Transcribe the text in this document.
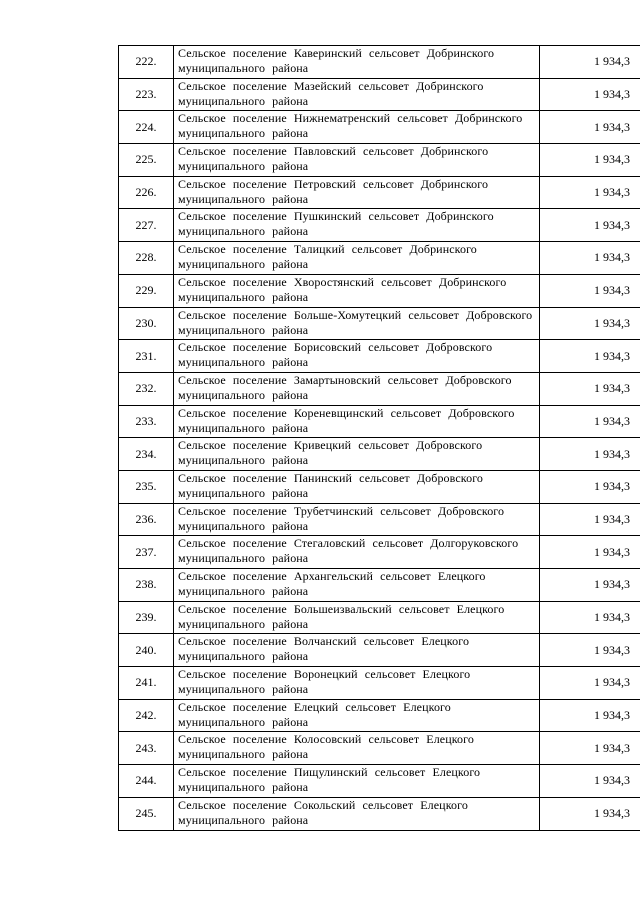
222.	Сельское поселение Каверинский сельсовет Добринского муниципального района	1 934,3
223.	Сельское поселение Мазейский сельсовет Добринского муниципального района	1 934,3
224.	Сельское поселение Нижнематренский сельсовет Добринского муниципального района	1 934,3
225.	Сельское поселение Павловский сельсовет Добринского муниципального района	1 934,3
226.	Сельское поселение Петровский сельсовет Добринского муниципального района	1 934,3
227.	Сельское поселение Пушкинский сельсовет Добринского муниципального района	1 934,3
228.	Сельское поселение Талицкий сельсовет Добринского муниципального района	1 934,3
229.	Сельское поселение Хворостянский сельсовет Добринского муниципального района	1 934,3
230.	Сельское поселение Больше-Хомутецкий сельсовет Добровского муниципального района	1 934,3
231.	Сельское поселение Борисовский сельсовет Добровского муниципального района	1 934,3
232.	Сельское поселение Замартыновский сельсовет Добровского муниципального района	1 934,3
233.	Сельское поселение Кореневщинский сельсовет Добровского муниципального района	1 934,3
234.	Сельское поселение Кривецкий сельсовет Добровского муниципального района	1 934,3
235.	Сельское поселение Панинский сельсовет Добровского муниципального района	1 934,3
236.	Сельское поселение Трубетчинский сельсовет Добровского муниципального района	1 934,3
237.	Сельское поселение Стегаловский сельсовет Долгоруковского муниципального района	1 934,3
238.	Сельское поселение Архангельский сельсовет Елецкого муниципального района	1 934,3
239.	Сельское поселение Большеизвальский сельсовет Елецкого муниципального района	1 934,3
240.	Сельское поселение Волчанский сельсовет Елецкого муниципального района	1 934,3
241.	Сельское поселение Воронецкий сельсовет Елецкого муниципального района	1 934,3
242.	Сельское поселение Елецкий сельсовет Елецкого муниципального района	1 934,3
243.	Сельское поселение Колосовский сельсовет Елецкого муниципального района	1 934,3
244.	Сельское поселение Пищулинский сельсовет Елецкого муниципального района	1 934,3
245.	Сельское поселение Сокольский сельсовет Елецкого муниципального района	1 934,3
